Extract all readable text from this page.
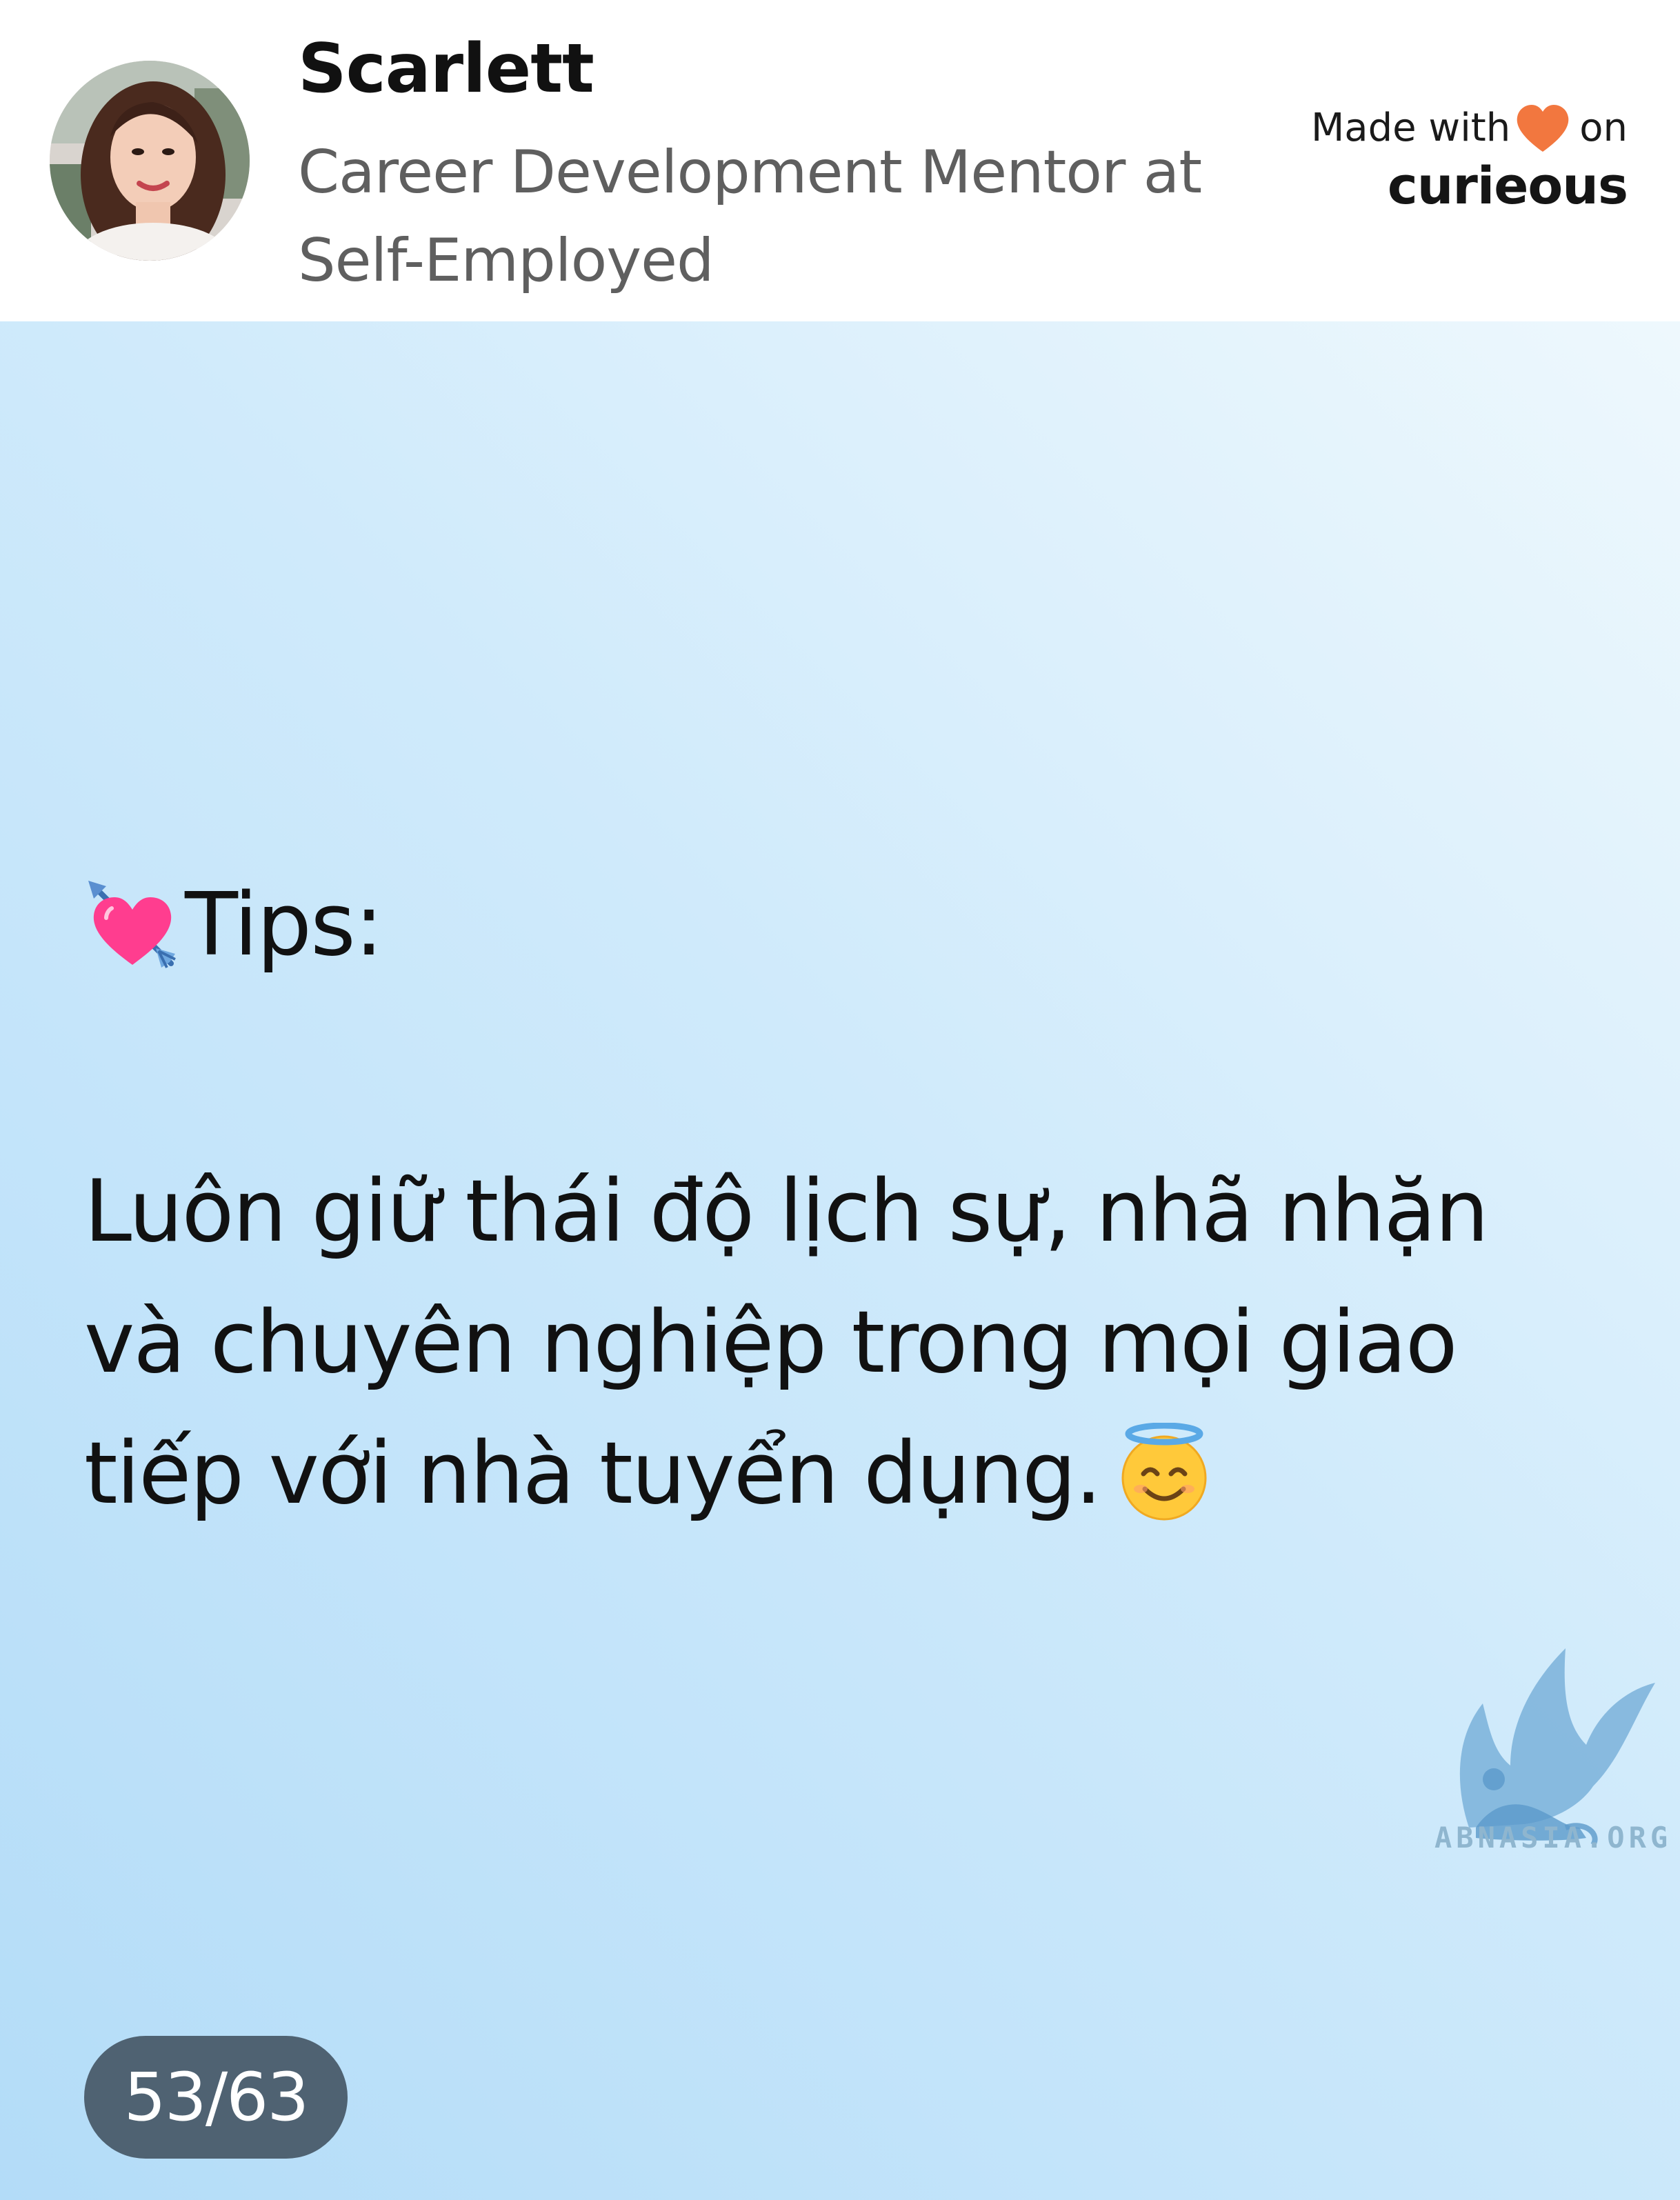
Scarlett
Career Development Mentor at Self-Employed
Made with on
curieous
Tips:
Luôn giữ thái độ lịch sự, nhã nhặn và chuyên nghiệp trong mọi giao tiếp với nhà tuyển dụng.
53/63
ABNASIA.ORG
